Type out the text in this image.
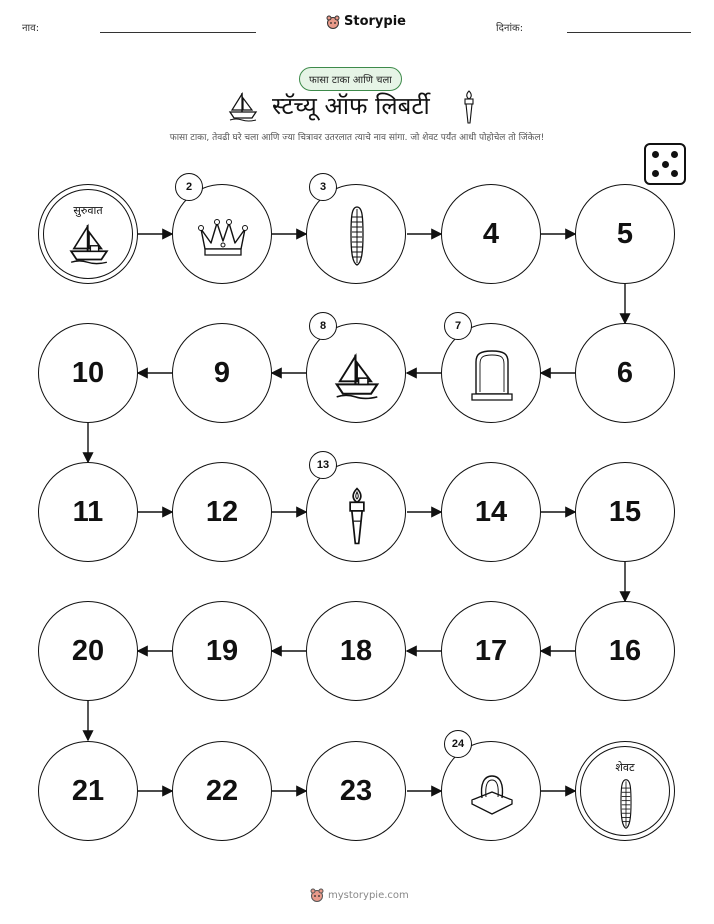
नाव:	Storypie	दिनांक:
फासा टाका आणि चला
स्टॅच्यू ऑफ लिबर्टी
फासा टाका, तेवढी घरे चला आणि ज्या चित्रावर उतरलात त्याचे नाव सांगा. जो शेवट पर्यंत आधी पोहोचेल तो जिंकेल!
सुरुवात
2	3
4	5
10	9
8	7
6
11	12
13
14	15
20	19	18	17	16
21	22	23
24
शेवट
mystorypie.com
